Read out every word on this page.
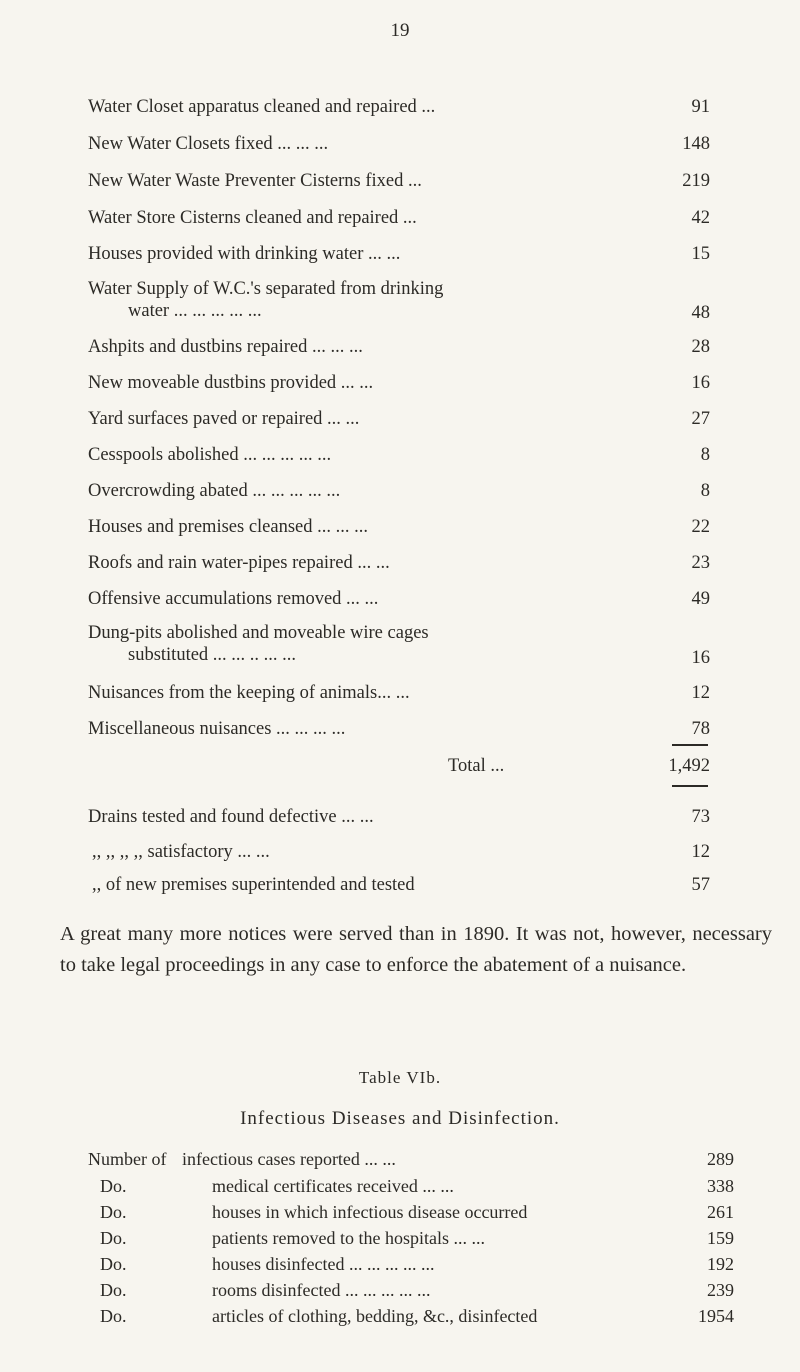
19
Water Closet apparatus cleaned and repaired ...	91
New Water Closets fixed ... ... ...	148
New Water Waste Preventer Cisterns fixed ...	219
Water Store Cisterns cleaned and repaired ...	42
Houses provided with drinking water ... ...	15
Water Supply of W.C.'s separated from drinking
water ... ... ... ... ...	48
Ashpits and dustbins repaired ... ... ...	28
New moveable dustbins provided ... ...	16
Yard surfaces paved or repaired ... ...	27
Cesspools abolished ... ... ... ... ...	8
Overcrowding abated ... ... ... ... ...	8
Houses and premises cleansed ... ... ...	22
Roofs and rain water-pipes repaired ... ...	23
Offensive accumulations removed ... ...	49
Dung-pits abolished and moveable wire cages
substituted ... ... .. ... ...	16
Nuisances from the keeping of animals... ...	12
Miscellaneous nuisances ... ... ... ...	78
Total ...	1,492
Drains tested and found defective ... ...	73
,, ,, ,, ,, satisfactory ... ...	12
,, of new premises superintended and tested	57
A great many more notices were served than in 1890. It was not, however, necessary to take legal proceedings in any case to enforce the abatement of a nuisance.
Table VIb.
Infectious Diseases and Disinfection.
Number of infectious cases reported ... ...	289
Do.	medical certificates received ... ...	338
Do.	houses in which infectious disease occurred	261
Do.	patients removed to the hospitals ... ...	159
Do.	houses disinfected ... ... ... ... ...	192
Do.	rooms disinfected ... ... ... ... ...	239
Do.	articles of clothing, bedding, &c., disinfected	1954
